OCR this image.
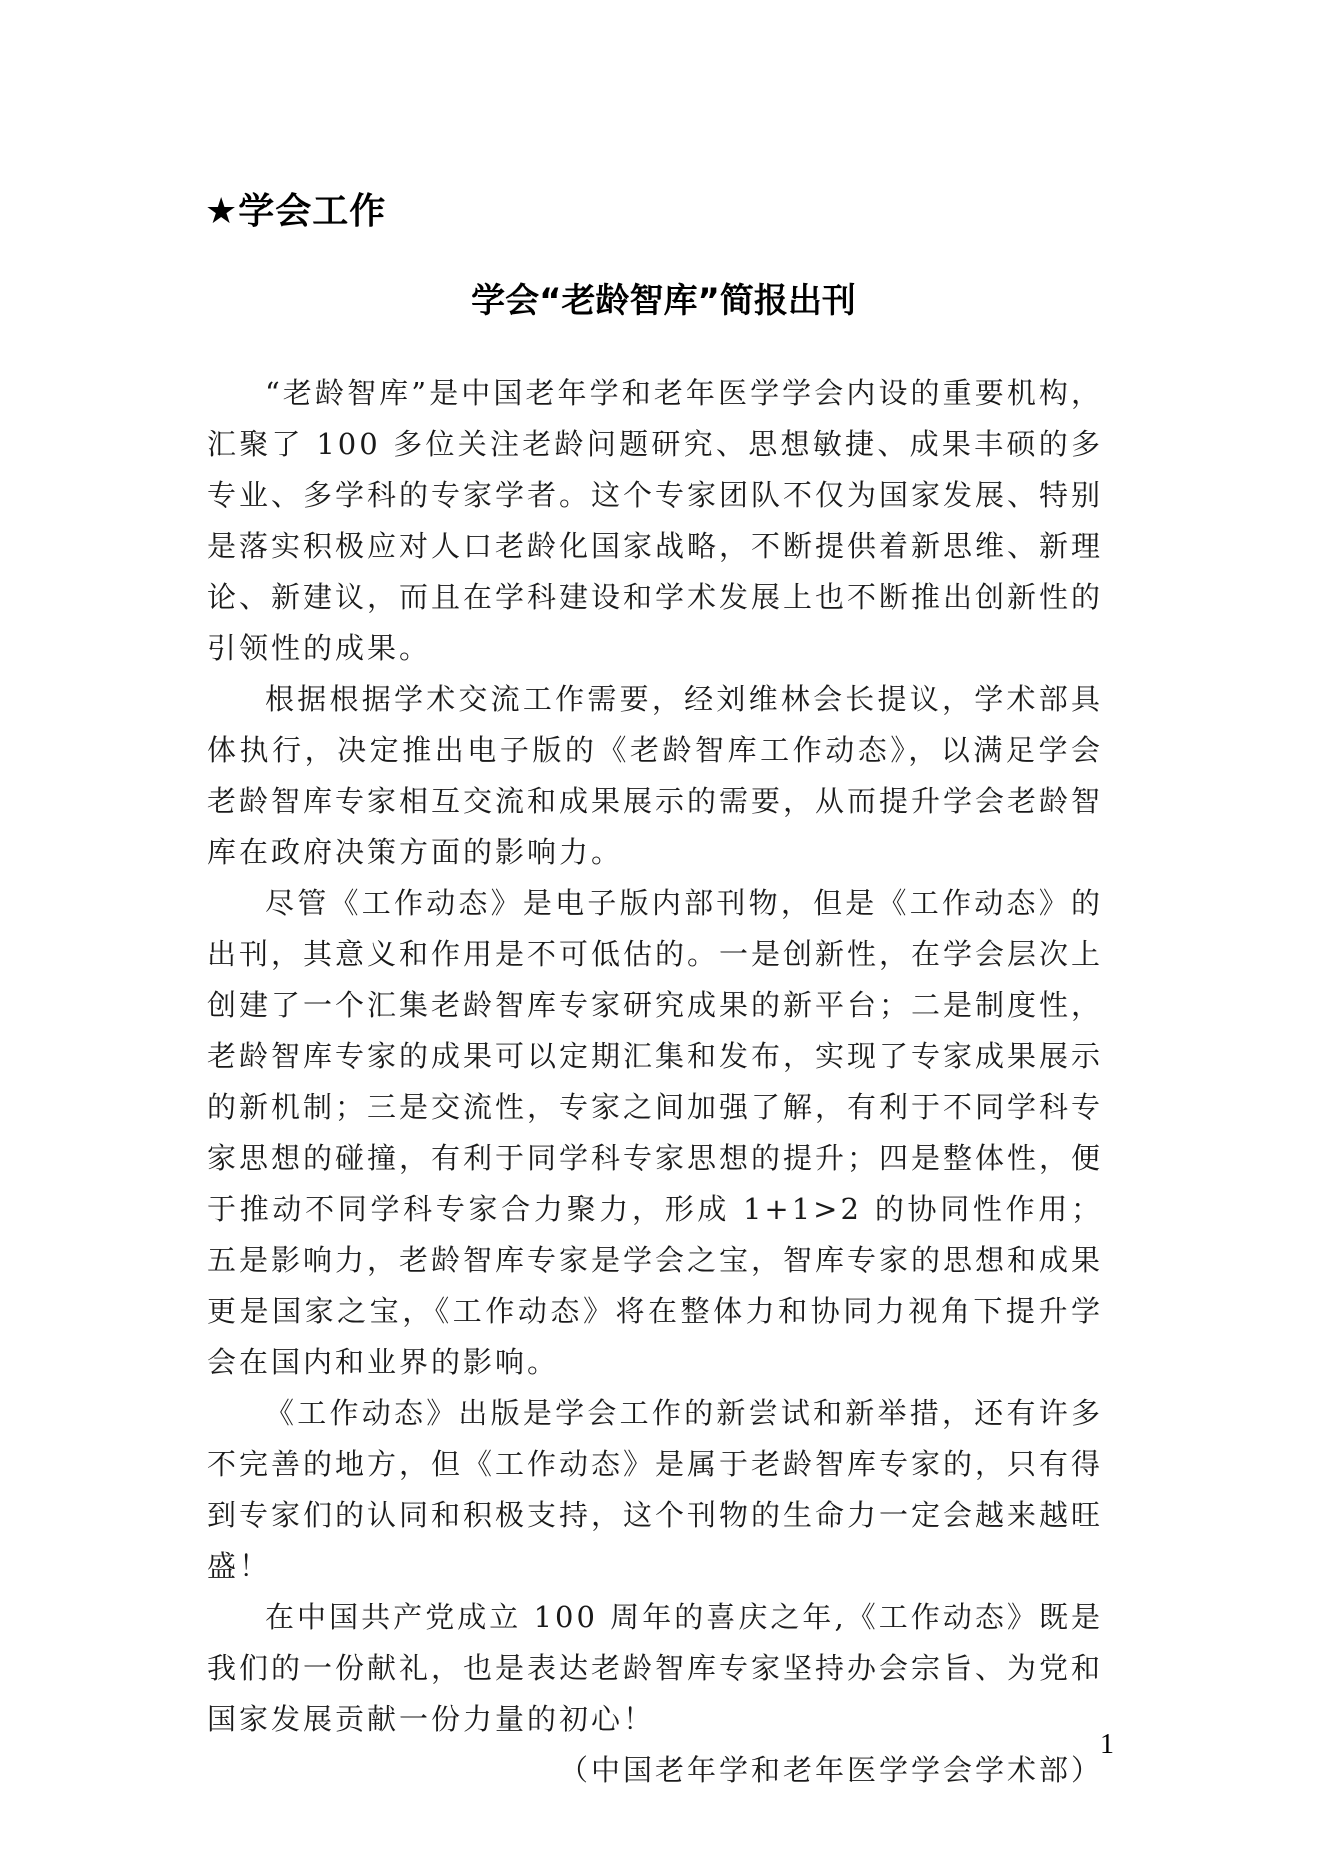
★学会工作
学会“老龄智库”简报出刊

“老龄智库”是中国老年学和老年医学学会内设的重要机构，汇聚了 100 多位关注老龄问题研究、思想敏捷、成果丰硕的多专业、多学科的专家学者。这个专家团队不仅为国家发展、特别是落实积极应对人口老龄化国家战略，不断提供着新思维、新理论、新建议，而且在学科建设和学术发展上也不断推出创新性的引领性的成果。

根据根据学术交流工作需要，经刘维林会长提议，学术部具体执行，决定推出电子版的《老龄智库工作动态》，以满足学会老龄智库专家相互交流和成果展示的需要，从而提升学会老龄智库在政府决策方面的影响力。

尽管《工作动态》是电子版内部刊物，但是《工作动态》的出刊，其意义和作用是不可低估的。一是创新性，在学会层次上创建了一个汇集老龄智库专家研究成果的新平台；二是制度性，老龄智库专家的成果可以定期汇集和发布，实现了专家成果展示的新机制；三是交流性，专家之间加强了解，有利于不同学科专家思想的碰撞，有利于同学科专家思想的提升；四是整体性，便于推动不同学科专家合力聚力，形成 1+1>2 的协同性作用；五是影响力，老龄智库专家是学会之宝，智库专家的思想和成果更是国家之宝，《工作动态》将在整体力和协同力视角下提升学会在国内和业界的影响。

《工作动态》出版是学会工作的新尝试和新举措，还有许多不完善的地方，但《工作动态》是属于老龄智库专家的，只有得到专家们的认同和积极支持，这个刊物的生命力一定会越来越旺盛！

在中国共产党成立 100 周年的喜庆之年,《工作动态》既是我们的一份献礼，也是表达老龄智库专家坚持办会宗旨、为党和国家发展贡献一份力量的初心！

（中国老年学和老年医学学会学术部）

1
